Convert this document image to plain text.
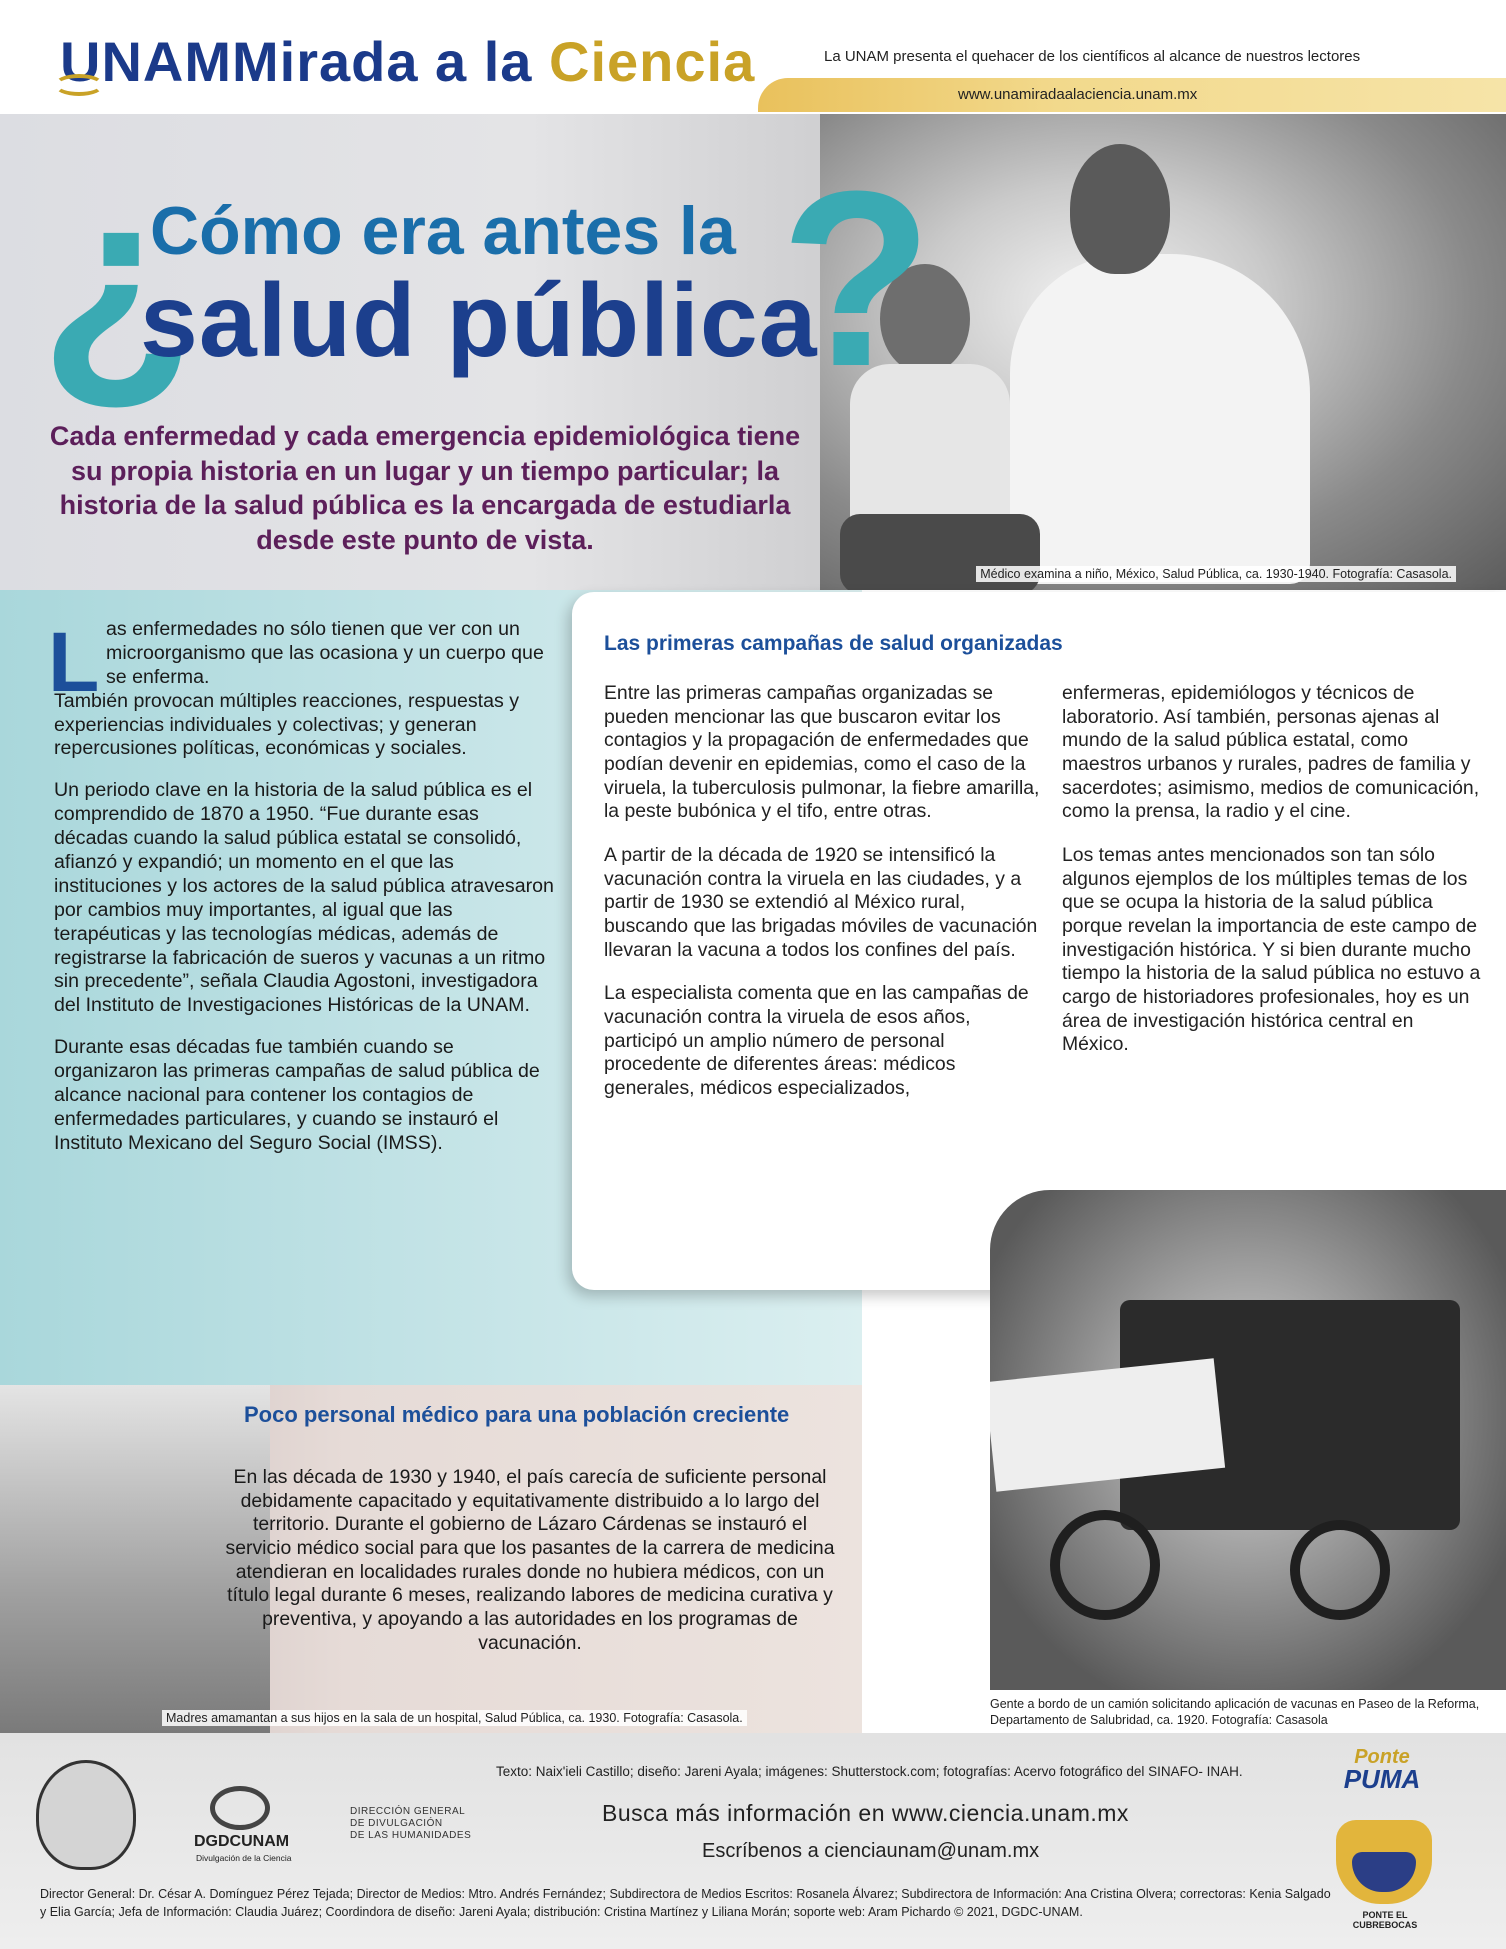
UNAMMirada a la Ciencia	La UNAM presenta el quehacer de los científicos al alcance de nuestros lectores
www.unamiradaalaciencia.unam.mx
¿ ?
Cómo era antes la
salud pública
Cada enfermedad y cada emergencia epidemiológica tiene su propia historia en un lugar y un tiempo particular; la historia de la salud pública es la encargada de estudiarla desde este punto de vista.
Médico examina a niño, México, Salud Pública, ca. 1930-1940. Fotografía: Casasola.
L as enfermedades no sólo tienen que ver con un microorganismo que las ocasiona y un cuerpo que se enferma.
También provocan múltiples reacciones, respuestas y experiencias individuales y colectivas; y generan repercusiones políticas, económicas y sociales.

Un periodo clave en la historia de la salud pública es el comprendido de 1870 a 1950. “Fue durante esas décadas cuando la salud pública estatal se consolidó, afianzó y expandió; un momento en el que las instituciones y los actores de la salud pública atravesaron por cambios muy importantes, al igual que las terapéuticas y las tecnologías médicas, además de registrarse la fabricación de sueros y vacunas a un ritmo sin precedente”, señala Claudia Agostoni, investigadora del Instituto de Investigaciones Históricas de la UNAM.

Durante esas décadas fue también cuando se organizaron las primeras campañas de salud pública de alcance nacional para contener los contagios de enfermedades particulares, y cuando se instauró el Instituto Mexicano del Seguro Social (IMSS).

Las primeras campañas de salud organizadas

Entre las primeras campañas organizadas se pueden mencionar las que buscaron evitar los contagios y la propagación de enfermedades que podían devenir en epidemias, como el caso de la viruela, la tuberculosis pulmonar, la fiebre amarilla, la peste bubónica y el tifo, entre otras.

A partir de la década de 1920 se intensificó la vacunación contra la viruela en las ciudades, y a partir de 1930 se extendió al México rural, buscando que las brigadas móviles de vacunación llevaran la vacuna a todos los confines del país.

La especialista comenta que en las campañas de vacunación contra la viruela de esos años, participó un amplio número de personal procedente de diferentes áreas: médicos generales, médicos especializados,

enfermeras, epidemiólogos y técnicos de laboratorio. Así también, personas ajenas al mundo de la salud pública estatal, como maestros urbanos y rurales, padres de familia y sacerdotes; asimismo, medios de comunicación, como la prensa, la radio y el cine.

Los temas antes mencionados son tan sólo algunos ejemplos de los múltiples temas de los que se ocupa la historia de la salud pública porque revelan la importancia de este campo de investigación histórica. Y si bien durante mucho tiempo la historia de la salud pública no estuvo a cargo de historiadores profesionales, hoy es un área de investigación histórica central en México.

Gente a bordo de un camión solicitando aplicación de vacunas en Paseo de la Reforma, Departamento de Salubridad, ca. 1920. Fotografía: Casasola
Poco personal médico para una población creciente
En las década de 1930 y 1940, el país carecía de suficiente personal debidamente capacitado y equitativamente distribuido a lo largo del territorio. Durante el gobierno de Lázaro Cárdenas se instauró el servicio médico social para que los pasantes de la carrera de medicina atendieran en localidades rurales donde no hubiera médicos, con un título legal durante 6 meses, realizando labores de medicina curativa y preventiva, y apoyando a las autoridades en los programas de vacunación.
Madres amamantan a sus hijos en la sala de un hospital, Salud Pública, ca. 1930. Fotografía: Casasola.
DGDCUNAM
Divulgación de la Ciencia
DIRECCIÓN GENERAL
DE DIVULGACIÓN
DE LAS HUMANIDADES
Texto: Naix'ieli Castillo; diseño: Jareni Ayala; imágenes: Shutterstock.com; fotografías: Acervo fotográfico del SINAFO- INAH.
Busca más información en www.ciencia.unam.mx
Escríbenos a cienciaunam@unam.mx
Director General: Dr. César A. Domínguez Pérez Tejada; Director de Medios: Mtro. Andrés Fernández; Subdirectora de Medios Escritos: Rosanela Álvarez; Subdirectora de Información: Ana Cristina Olvera; correctoras: Kenia Salgado y Elia García; Jefa de Información: Claudia Juárez; Coordindora de diseño: Jareni Ayala; distribución: Cristina Martínez y Liliana Morán; soporte web: Aram Pichardo © 2021, DGDC-UNAM.
Ponte
PUMA
PONTE EL CUBREBOCAS
